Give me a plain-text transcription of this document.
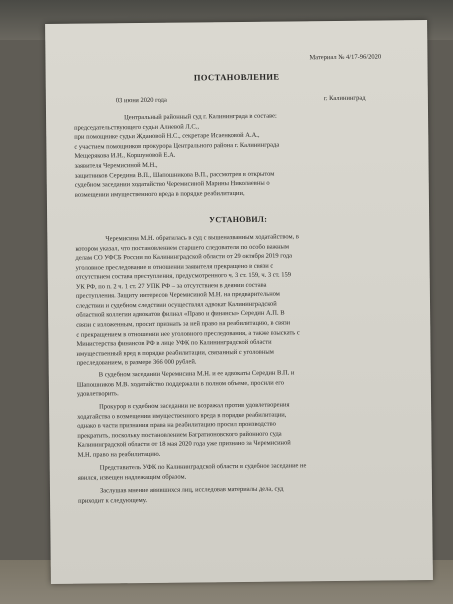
Материал № 4/17-96/2020
ПОСТАНОВЛЕНИЕ
03 июня 2020 года	г. Калининград
Центральный районный суд г. Калининграда в составе:
председательствующего судьи Алиевой Л.С.,
при помощнике судьи Ждановой Н.С., секретаре Исаенковой А.А.,
с участием помощников прокурора Центрального района г. Калининграда
Мещерякова И.Н., Коршуновой Е.А.
заявителя Черемисиной М.Н.,
защитников Середина В.П., Шапошникова В.П., рассмотрев в открытом
судебном заседании ходатайство Черемисиной Марины Николаевны о
возмещении имущественного вреда в порядке реабилитации,
УСТАНОВИЛ:
Черемисина М.Н. обратилась в суд с вышеназванным ходатайством, в
котором указал, что постановлением старшего следователя по особо важным
делам СО УФСБ России по Калининградской области от 29 октября 2019 года
уголовное преследование в отношении заявителя прекращено в связи с
отсутствием состава преступления, предусмотренного ч. 3 ст. 159, ч. 3 ст. 159
УК РФ, по п. 2 ч. 1 ст. 27 УПК РФ – за отсутствием в деянии состава
преступления. Защиту интересов Черемисиной М.Н. на предварительном
следствии и судебном следствии осуществлял адвокат Калининградской
областной коллегии адвокатов филиал «Право и финансы» Середин А.П. В
связи с изложенным, просит признать за ней право на реабилитацию, в связи
с прекращением в отношении нее уголовного преследования, а также взыскать с
Министерства финансов РФ в лице УФК по Калининградской области
имущественный вред в порядке реабилитации, связанный с уголовным
преследованием, в размере 366 000 рублей.
В судебном заседании Черемисина М.Н. и ее адвокаты Середин В.П. и
Шапошников М.В. ходатайство поддержали в полном объеме, просили его
удовлетворить.
Прокурор в судебном заседании не возражал против удовлетворения
ходатайства о возмещении имущественного вреда в порядке реабилитации,
однако в части признания права на реабилитацию просил производство
прекратить, поскольку постановлением Багратионовского районного суда
Калининградской области от 18 мая 2020 года уже признано за Черемисиной
М.Н. право на реабилитацию.
Представитель УФК по Калининградской области в судебное заседание не
явился, извещен надлежащим образом.
Заслушав мнение явившихся лиц, исследовав материалы дела, суд
приходит к следующему.
